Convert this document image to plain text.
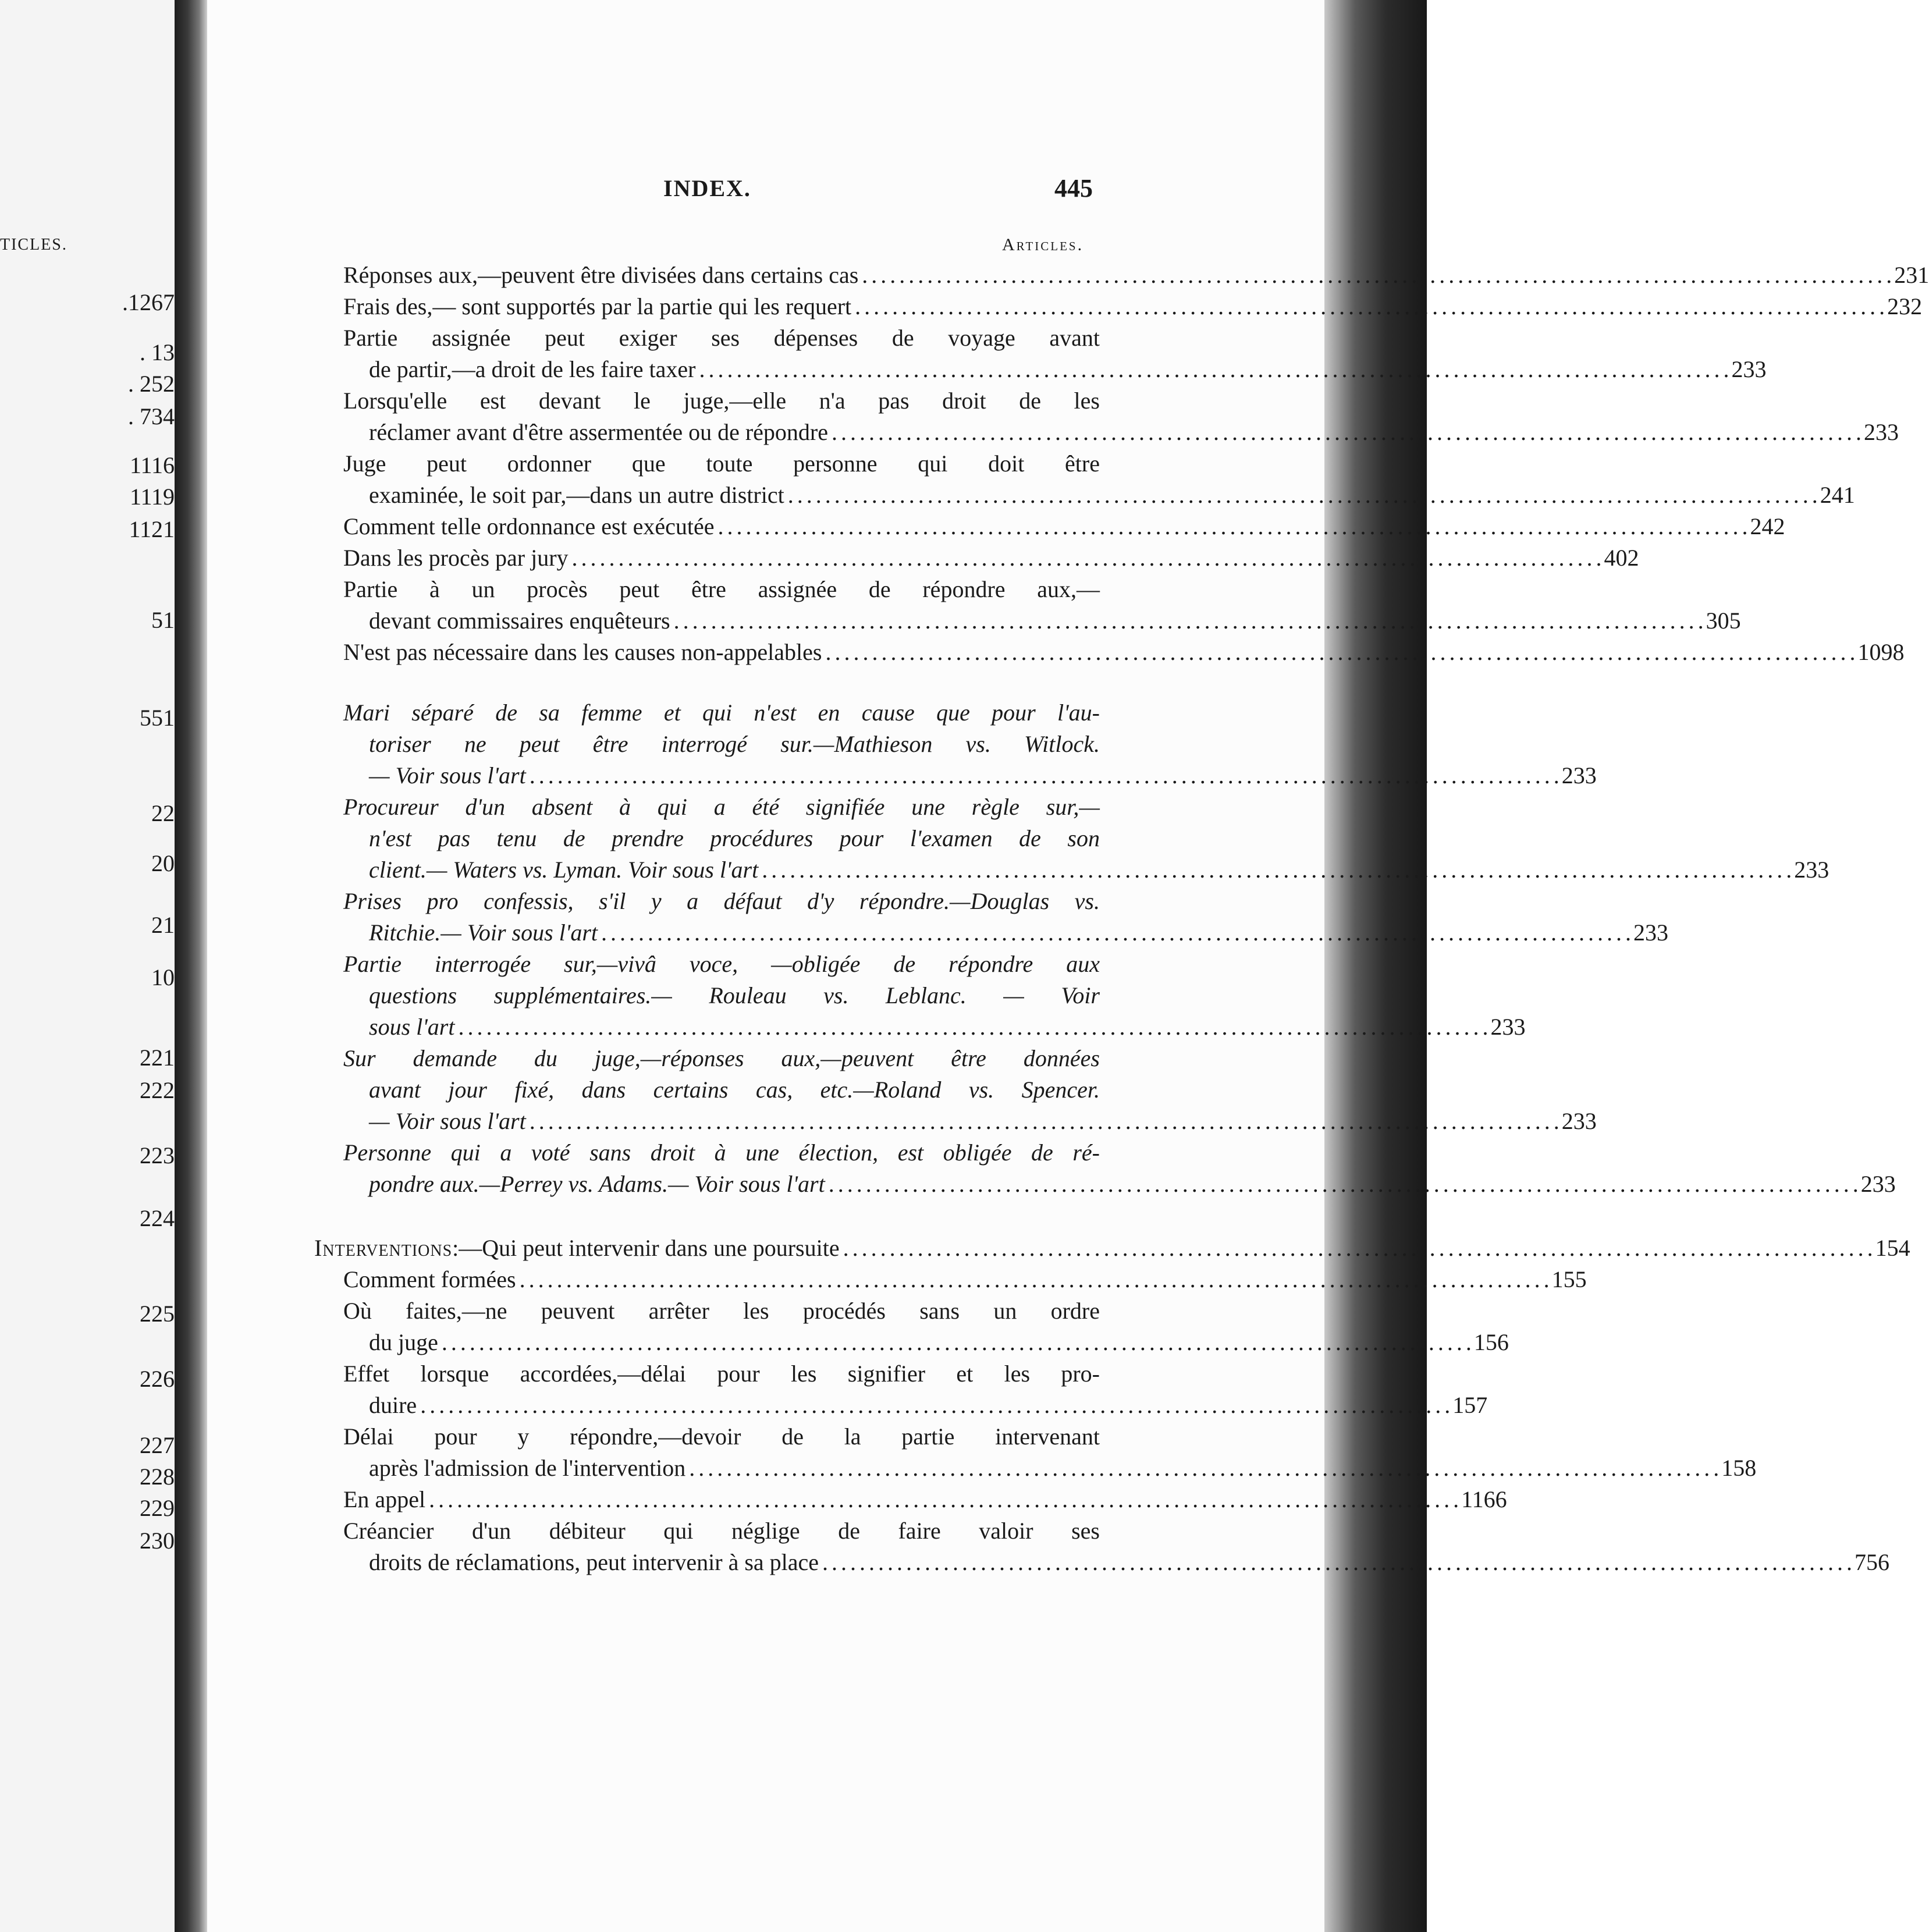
TICLES.
.1267
. 13
. 252
. 734
1116
1119
1121
51
551
22
20
21
10
221
222
223
224
225
226
227
228
229
230
INDEX.	445
Articles.
Réponses aux,—peuvent être divisées dans certains cas . . .	231
Frais des,— sont supportés par la partie qui les requert . . .	232
Partie assignée peut exiger ses dépenses de voyage avant
de partir,—a droit de les faire taxer . . .	233
Lorsqu'elle est devant le juge,—elle n'a pas droit de les
réclamer avant d'être assermentée ou de répondre . . .	233
Juge peut ordonner que toute personne qui doit être
examinée, le soit par,—dans un autre district . . .	241
Comment telle ordonnance est exécutée . . .	242
Dans les procès par jury . . .	402
Partie à un procès peut être assignée de répondre aux,—
devant commissaires enquêteurs . . .	305
N'est pas nécessaire dans les causes non-appelables . . .	1098
Mari séparé de sa femme et qui n'est en cause que pour l'au-
toriser ne peut être interrogé sur.—Mathieson vs. Witlock.
— Voir sous l'art . . .	233
Procureur d'un absent à qui a été signifiée une règle sur,—
n'est pas tenu de prendre procédures pour l'examen de son
client.— Waters vs. Lyman. Voir sous l'art . . .	233
Prises pro confessis, s'il y a défaut d'y répondre.—Douglas vs.
Ritchie.— Voir sous l'art . . .	233
Partie interrogée sur,—vivâ voce, —obligée de répondre aux
questions supplémentaires.— Rouleau vs. Leblanc. — Voir
sous l'art . . .	233
Sur demande du juge,—réponses aux,—peuvent être données
avant jour fixé, dans certains cas, etc.—Roland vs. Spencer.
— Voir sous l'art . . .	233
Personne qui a voté sans droit à une élection, est obligée de ré-
pondre aux.—Perrey vs. Adams.— Voir sous l'art . . .	233
Interventions:—Qui peut intervenir dans une poursuite . . .	154
Comment formées . . .	155
Où faites,—ne peuvent arrêter les procédés sans un ordre
du juge . . .	156
Effet lorsque accordées,—délai pour les signifier et les pro-
duire . . .	157
Délai pour y répondre,—devoir de la partie intervenant
après l'admission de l'intervention . . .	158
En appel . . .	1166
Créancier d'un débiteur qui néglige de faire valoir ses
droits de réclamations, peut intervenir à sa place . . .	756
